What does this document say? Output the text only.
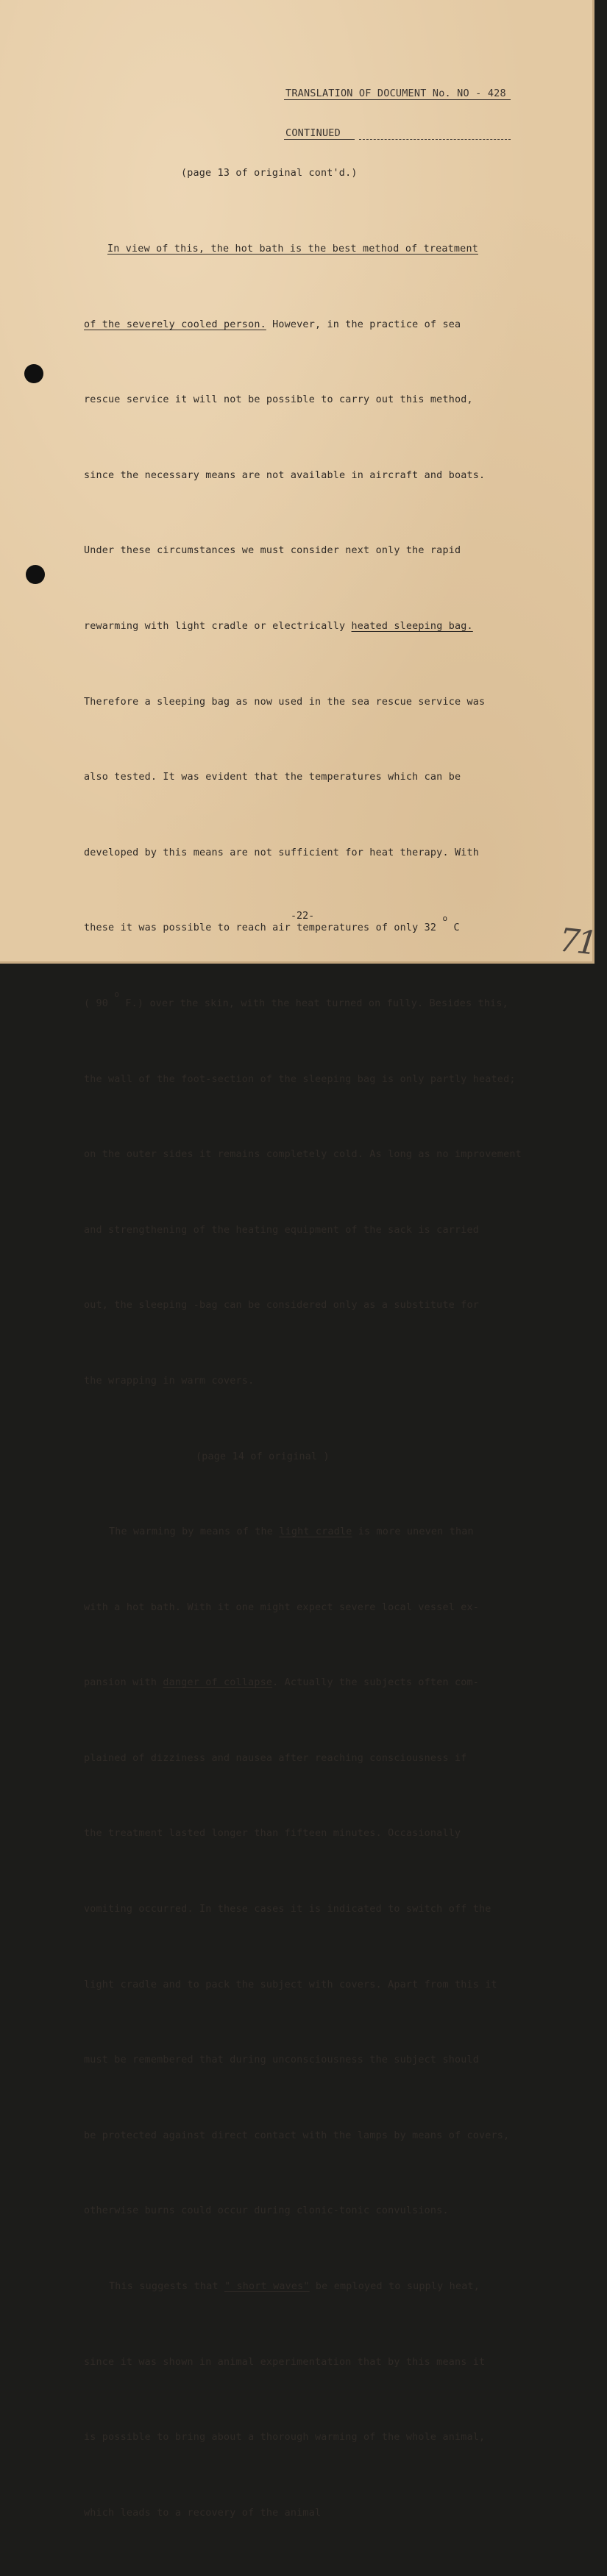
TRANSLATION OF DOCUMENT No. NO - 428

CONTINUED

(page 13 of original cont'd.)

In view of this, the hot bath is the best method of treatment

of the severely cooled person. However, in the practice of sea

rescue service it will not be possible to carry out this method,

since the necessary means are not available in aircraft and boats.

Under these circumstances we must consider next only the rapid

rewarming with light cradle or electrically heated sleeping bag.

Therefore a sleeping bag as now used in the sea rescue service was

also tested. It was evident that the temperatures which can be

developed by this means are not sufficient for heat therapy. With

these it was possible to reach air temperatures of only 32 $^o$ C

( 90 $^o$ F.) over the skin, with the heat turned on fully. Besides this,

the wall of the foot-section of the sleeping bag is only partly heated;

on the outer sides it remains completely cold. As long as no improvement

and strengthening of the heating equipment of the sack is carried

out, the sleeping -bag can be considered only as a substitute for

the wrapping in warm covers.

(page 14 of original )

The warming by means of the light cradle is more uneven than

with a hot bath. With it one might expect severe local vessel ex-

pansion with danger of collapse. Actually the subjects often com-

plained of dizziness and nausea after reaching consciousness if

the treatment lasted longer than fifteen minutes. Occasionally

vomiting occurred. In these cases it is indicated to switch off the

light cradle and to pack the subject with covers. Apart from this it

must be remembered that during unconsciousness the subject should

be protected against direct contact with the lamps by means of covers,

otherwise burns could occur during clonic-tonic convulsions.

This suggests that " short waves" be employed to supply heat,

since it was shown in animal experimentation that by this means it

is possible to bring about a thorough warming of the whole animal,

which leads to a recovery of the animal

-22-
71
